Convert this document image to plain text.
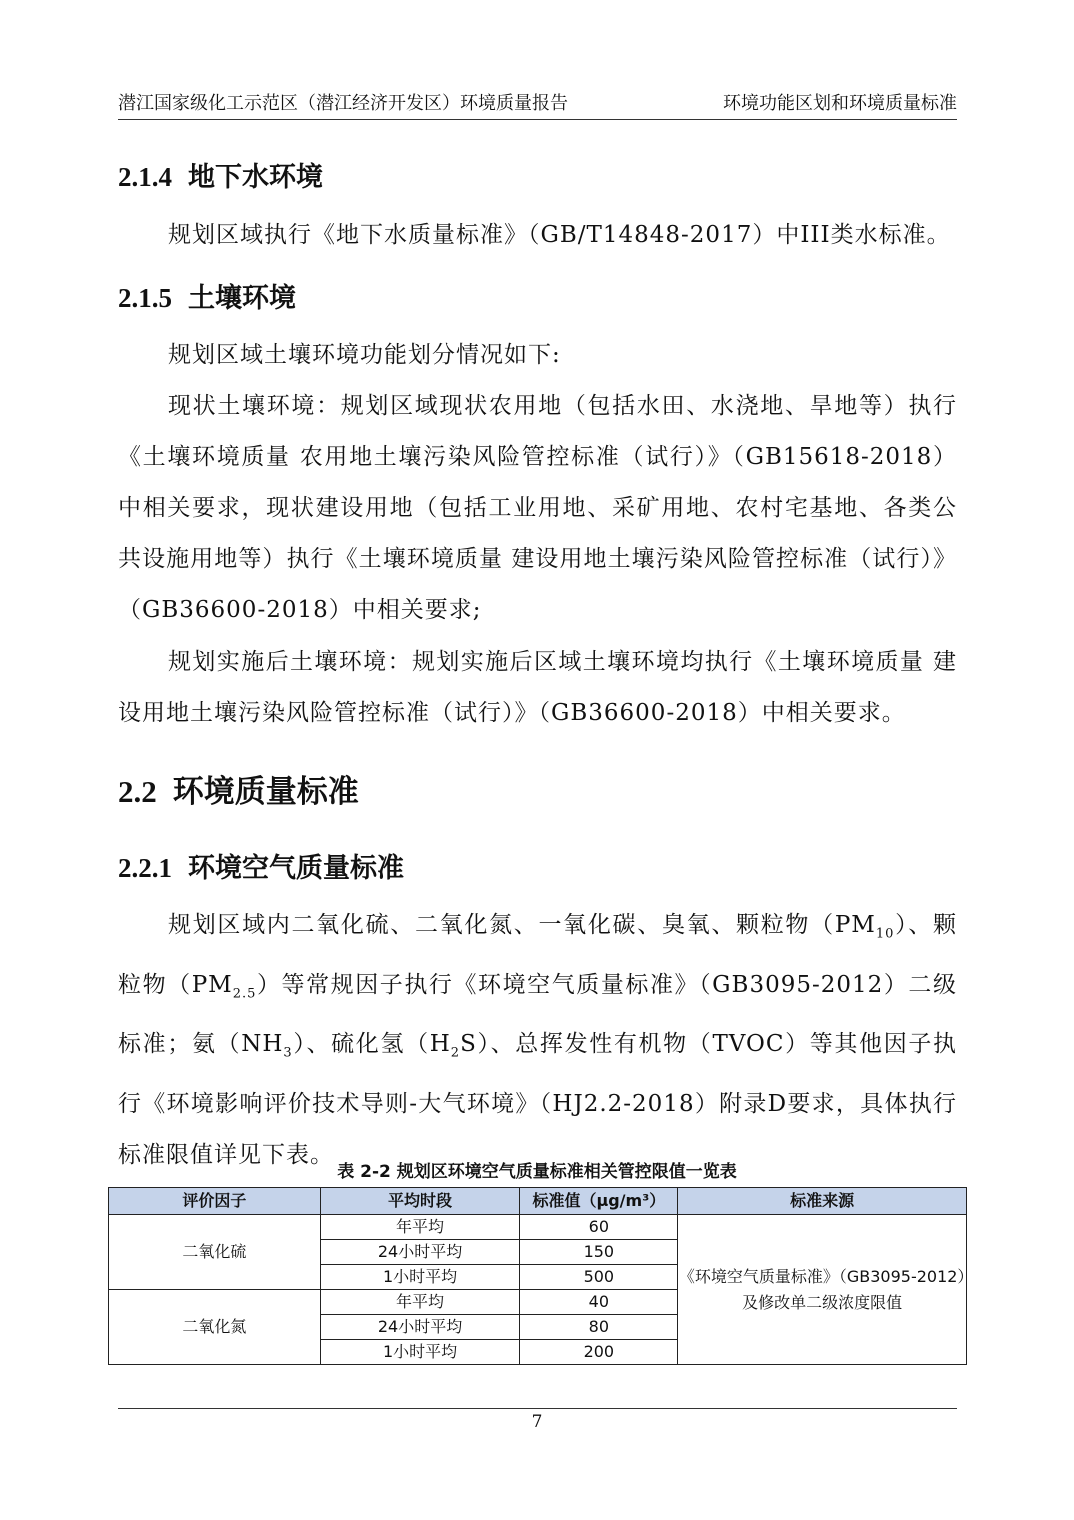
潜江国家级化工示范区（潜江经济开发区）环境质量报告	环境功能区划和环境质量标准
2.1.4 地下水环境
规划区域执行《地下水质量标准》（GB/T14848-2017）中III类水标准。
2.1.5 土壤环境
规划区域土壤环境功能划分情况如下:
现状土壤环境：规划区域现状农用地（包括水田、水浇地、旱地等）执行《土壤环境质量 农用地土壤污染风险管控标准（试行）》（GB15618-2018）中相关要求，现状建设用地（包括工业用地、采矿用地、农村宅基地、各类公共设施用地等）执行《土壤环境质量 建设用地土壤污染风险管控标准（试行）》（GB36600-2018）中相关要求;
规划实施后土壤环境：规划实施后区域土壤环境均执行《土壤环境质量 建设用地土壤污染风险管控标准（试行）》（GB36600-2018）中相关要求。
2.2 环境质量标准
2.2.1 环境空气质量标准
规划区域内二氧化硫、二氧化氮、一氧化碳、臭氧、颗粒物$(PM_{10})$、颗粒物$(PM_{2.5})$等常规因子执行《环境空气质量标准》（GB3095-2012）二级标准；氨$(NH_3)$、硫化氢$(H_2S)$、总挥发性有机物（TVOC）等其他因子执行《环境影响评价技术导则-大气环境》（HJ2.2-2018）附录D要求，具体执行标准限值详见下表。
表 2-2 规划区环境空气质量标准相关管控限值一览表
评价因子	平均时段	标准值（μg/m³）	标准来源
二氧化硫	年平均	60	《环境空气质量标准》（GB3095-2012）及修改单二级浓度限值
	24小时平均	150	
	1小时平均	500	
二氧化氮	年平均	40	
	24小时平均	80	
	1小时平均	200	
7
